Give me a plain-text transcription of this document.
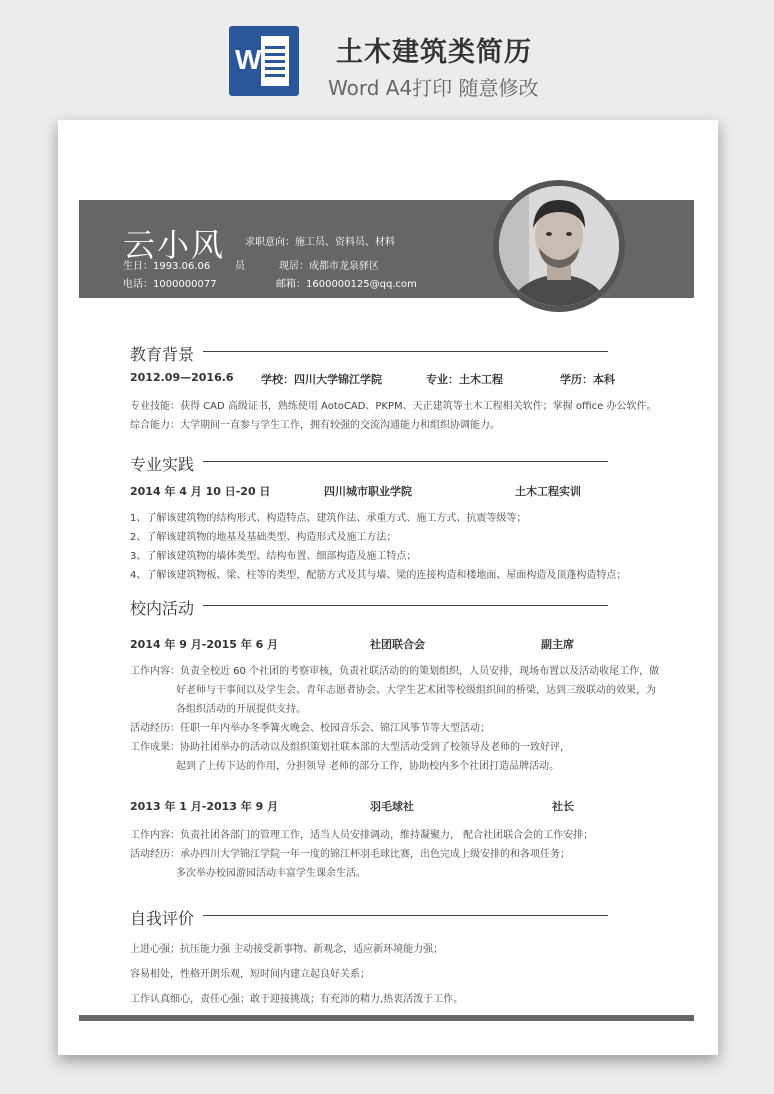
W	土木建筑类简历
Word A4打印 随意修改
云小风 求职意向：施工员、资料员、材料
员
生日：1993.06.06	现居：成都市龙泉驿区
电话：1000000077	邮箱：1600000125@qq.com
教育背景
2012.09—2016.6 学校：四川大学锦江学院	专业：土木工程	学历：本科
专业技能：获得 CAD 高级证书，熟练使用 AotoCAD、PKPM、天正建筑等土木工程相关软件；掌握 office 办公软件。
综合能力：大学期间一直参与学生工作，拥有较强的交流沟通能力和组织协调能力。
专业实践
2014 年 4 月 10 日-20 日	四川城市职业学院	土木工程实训
1、了解该建筑物的结构形式、构造特点、建筑作法、承重方式、施工方式、抗震等级等；
2、了解该建筑物的地基及基础类型、构造形式及施工方法；
3、了解该建筑物的墙体类型、结构布置、细部构造及施工特点；
4、了解该建筑物板、梁、柱等的类型，配筋方式及其与墙、梁的连接构造和楼地面、屋面构造及顶蓬构造特点；
校内活动
2014 年 9 月-2015 年 6 月	社团联合会	副主席
工作内容：负责全校近 60 个社团的考察审核，负责社联活动的的策划组织，人员安排，现场布置以及活动收尾工作，做
好老师与干事间以及学生会、青年志愿者协会、大学生艺术团等校级组织间的桥梁，达到三级联动的效果，为
各组织活动的开展提供支持。
活动经历：任职一年内举办冬季篝火晚会、校园音乐会、锦江风筝节等大型活动；
工作成果：协助社团举办的活动以及组织策划社联本部的大型活动受到了校领导及老师的一致好评，
起到了上传下达的作用，分担领导 老师的部分工作，协助校内多个社团打造品牌活动。
2013 年 1 月-2013 年 9 月	羽毛球社	社长
工作内容：负责社团各部门的管理工作，适当人员安排调动，维持凝聚力， 配合社团联合会的工作安排；
活动经历：承办四川大学锦江学院一年一度的锦江杯羽毛球比赛，出色完成上级安排的和各项任务；
多次举办校园游园活动丰富学生课余生活。
自我评价
上进心强；抗压能力强 主动接受新事物、新观念，适应新环境能力强；
容易相处，性格开朗乐观，短时间内建立起良好关系；
工作认真细心，责任心强；敢于迎接挑战；有充沛的精力,热衷活泼于工作。
